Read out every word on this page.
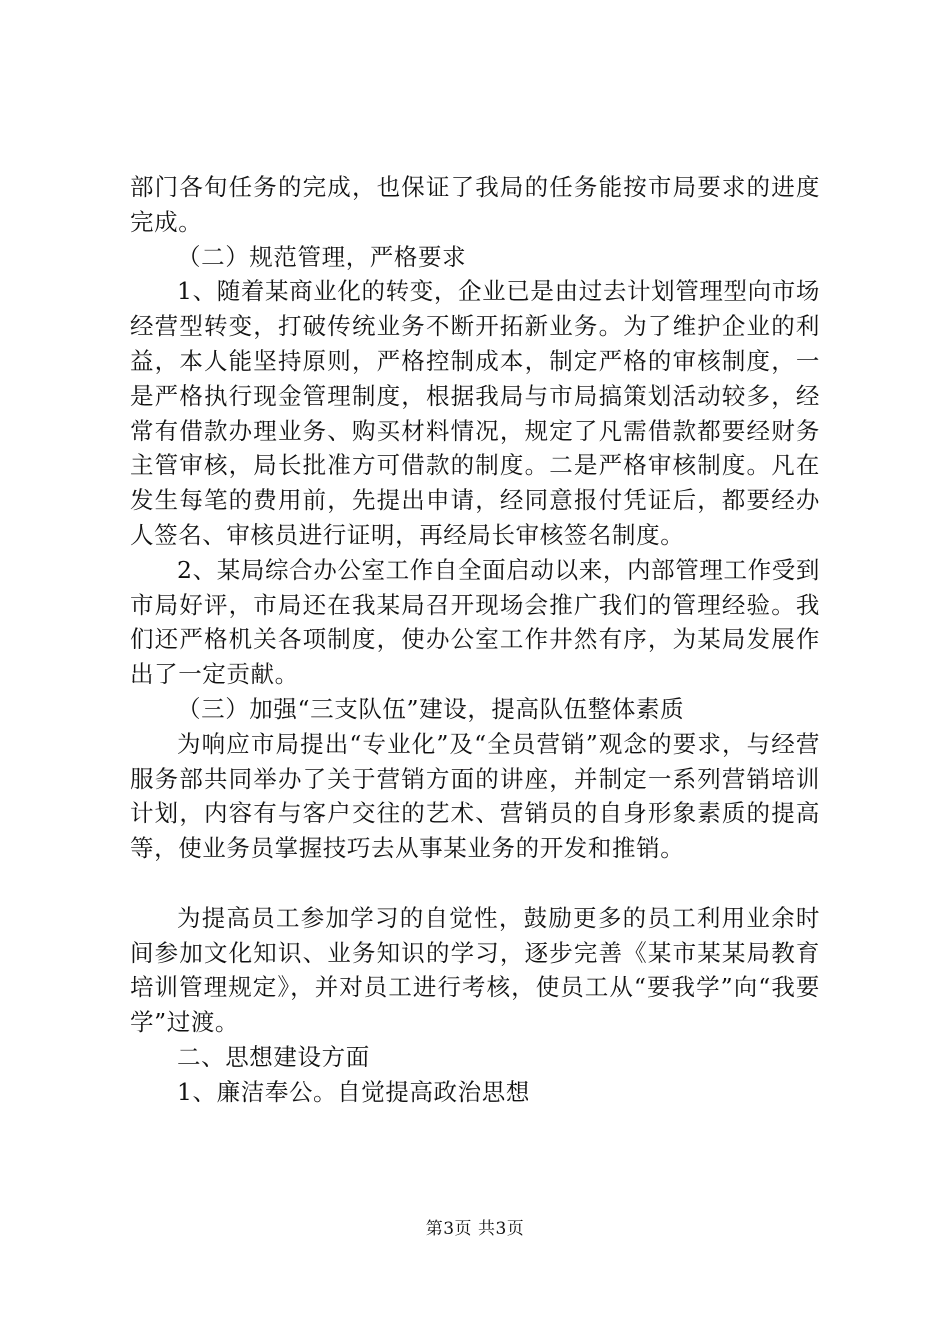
部门各旬任务的完成，也保证了我局的任务能按市局要求的进度完成。

（二）规范管理，严格要求

1、随着某商业化的转变，企业已是由过去计划管理型向市场经营型转变，打破传统业务不断开拓新业务。为了维护企业的利益，本人能坚持原则，严格控制成本，制定严格的审核制度，一是严格执行现金管理制度，根据我局与市局搞策划活动较多，经常有借款办理业务、购买材料情况，规定了凡需借款都要经财务主管审核，局长批准方可借款的制度。二是严格审核制度。凡在发生每笔的费用前，先提出申请，经同意报付凭证后，都要经办人签名、审核员进行证明，再经局长审核签名制度。

2、某局综合办公室工作自全面启动以来，内部管理工作受到市局好评，市局还在我某局召开现场会推广我们的管理经验。我们还严格机关各项制度，使办公室工作井然有序，为某局发展作出了一定贡献。

（三）加强“三支队伍”建设，提高队伍整体素质

为响应市局提出“专业化”及“全员营销”观念的要求，与经营服务部共同举办了关于营销方面的讲座，并制定一系列营销培训计划，内容有与客户交往的艺术、营销员的自身形象素质的提高等，使业务员掌握技巧去从事某业务的开发和推销。

为提高员工参加学习的自觉性，鼓励更多的员工利用业余时间参加文化知识、业务知识的学习，逐步完善《某市某某局教育培训管理规定》，并对员工进行考核，使员工从“要我学”向“我要学”过渡。

二、思想建设方面

1、廉洁奉公。自觉提高政治思想

第3页 共3页
